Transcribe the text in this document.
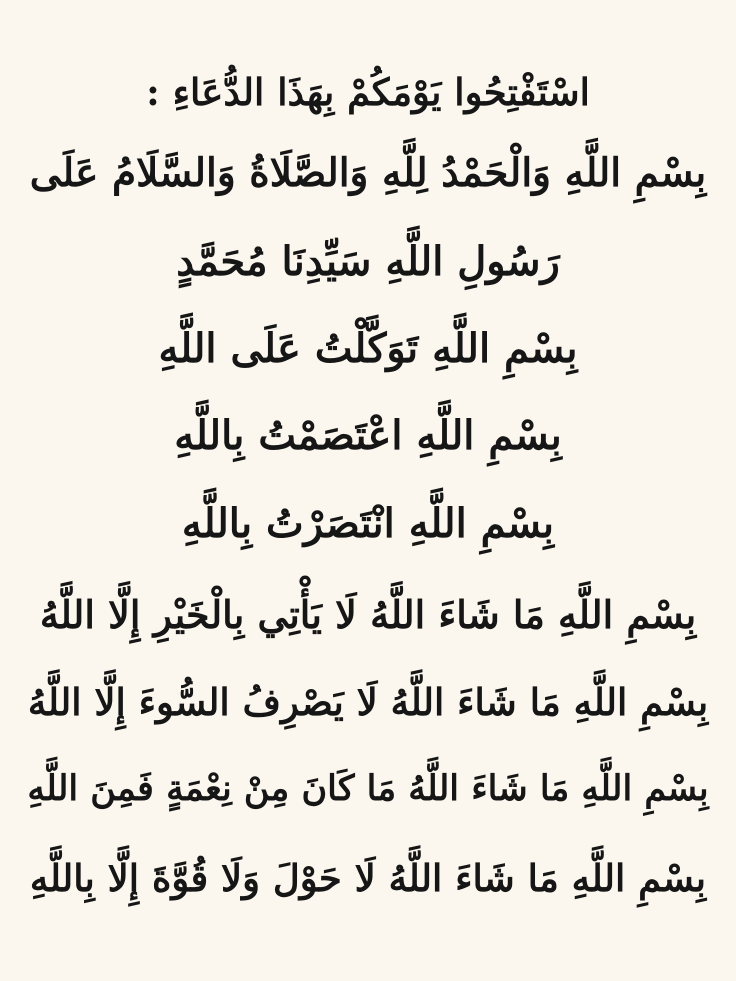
اسْتَفْتِحُوا يَوْمَكُمْ بِهَذَا الدُّعَاءِ :
بِسْمِ اللَّهِ وَالْحَمْدُ لِلَّهِ وَالصَّلَاةُ وَالسَّلَامُ عَلَى
رَسُولِ اللَّهِ سَيِّدِنَا مُحَمَّدٍ
بِسْمِ اللَّهِ تَوَكَّلْتُ عَلَى اللَّهِ
بِسْمِ اللَّهِ اعْتَصَمْتُ بِاللَّهِ
بِسْمِ اللَّهِ انْتَصَرْتُ بِاللَّهِ
بِسْمِ اللَّهِ مَا شَاءَ اللَّهُ لَا يَأْتِي بِالْخَيْرِ إِلَّا اللَّهُ
بِسْمِ اللَّهِ مَا شَاءَ اللَّهُ لَا يَصْرِفُ السُّوءَ إِلَّا اللَّهُ
بِسْمِ اللَّهِ مَا شَاءَ اللَّهُ مَا كَانَ مِنْ نِعْمَةٍ فَمِنَ اللَّهِ
بِسْمِ اللَّهِ مَا شَاءَ اللَّهُ لَا حَوْلَ وَلَا قُوَّةَ إِلَّا بِاللَّهِ
